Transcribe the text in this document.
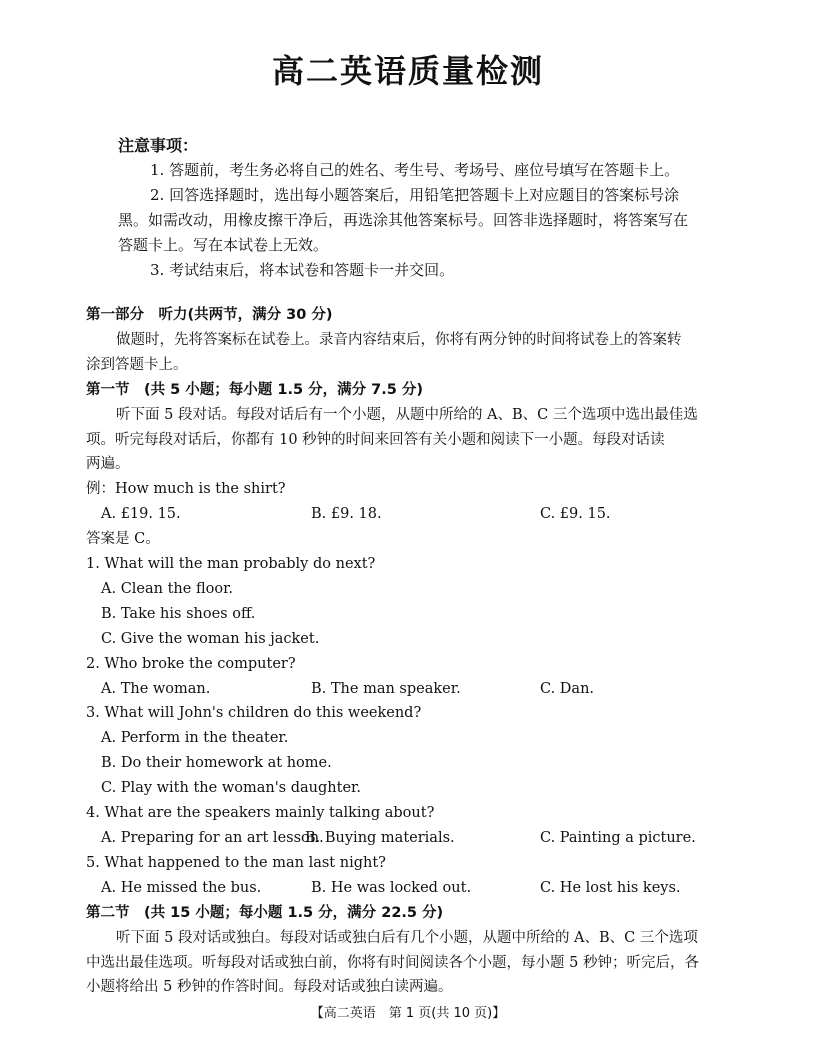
高二英语质量检测
注意事项：
1. 答题前，考生务必将自己的姓名、考生号、考场号、座位号填写在答题卡上。
2. 回答选择题时，选出每小题答案后，用铅笔把答题卡上对应题目的答案标号涂
黑。如需改动，用橡皮擦干净后，再选涂其他答案标号。回答非选择题时，将答案写在
答题卡上。写在本试卷上无效。
3. 考试结束后，将本试卷和答题卡一并交回。
第一部分　听力(共两节，满分 30 分)
做题时，先将答案标在试卷上。录音内容结束后，你将有两分钟的时间将试卷上的答案转
涂到答题卡上。
第一节　(共 5 小题；每小题 1.5 分，满分 7.5 分)
听下面 5 段对话。每段对话后有一个小题，从题中所给的 A、B、C 三个选项中选出最佳选
项。听完每段对话后，你都有 10 秒钟的时间来回答有关小题和阅读下一小题。每段对话读
两遍。
例：How much is the shirt?
A. £19. 15.	B. £9. 18.	C. £9. 15.
答案是 C。
1. What will the man probably do next?
A. Clean the floor.
B. Take his shoes off.
C. Give the woman his jacket.
2. Who broke the computer?
A. The woman.	B. The man speaker.	C. Dan.
3. What will John's children do this weekend?
A. Perform in the theater.
B. Do their homework at home.
C. Play with the woman's daughter.
4. What are the speakers mainly talking about?
A. Preparing for an art lesson.
B. Buying materials.	C. Painting a picture.
5. What happened to the man last night?
A. He missed the bus.	B. He was locked out.	C. He lost his keys.
第二节　(共 15 小题；每小题 1.5 分，满分 22.5 分)
听下面 5 段对话或独白。每段对话或独白后有几个小题，从题中所给的 A、B、C 三个选项
中选出最佳选项。听每段对话或独白前，你将有时间阅读各个小题，每小题 5 秒钟；听完后，各
小题将给出 5 秒钟的作答时间。每段对话或独白读两遍。
【高二英语　第 1 页(共 10 页)】
